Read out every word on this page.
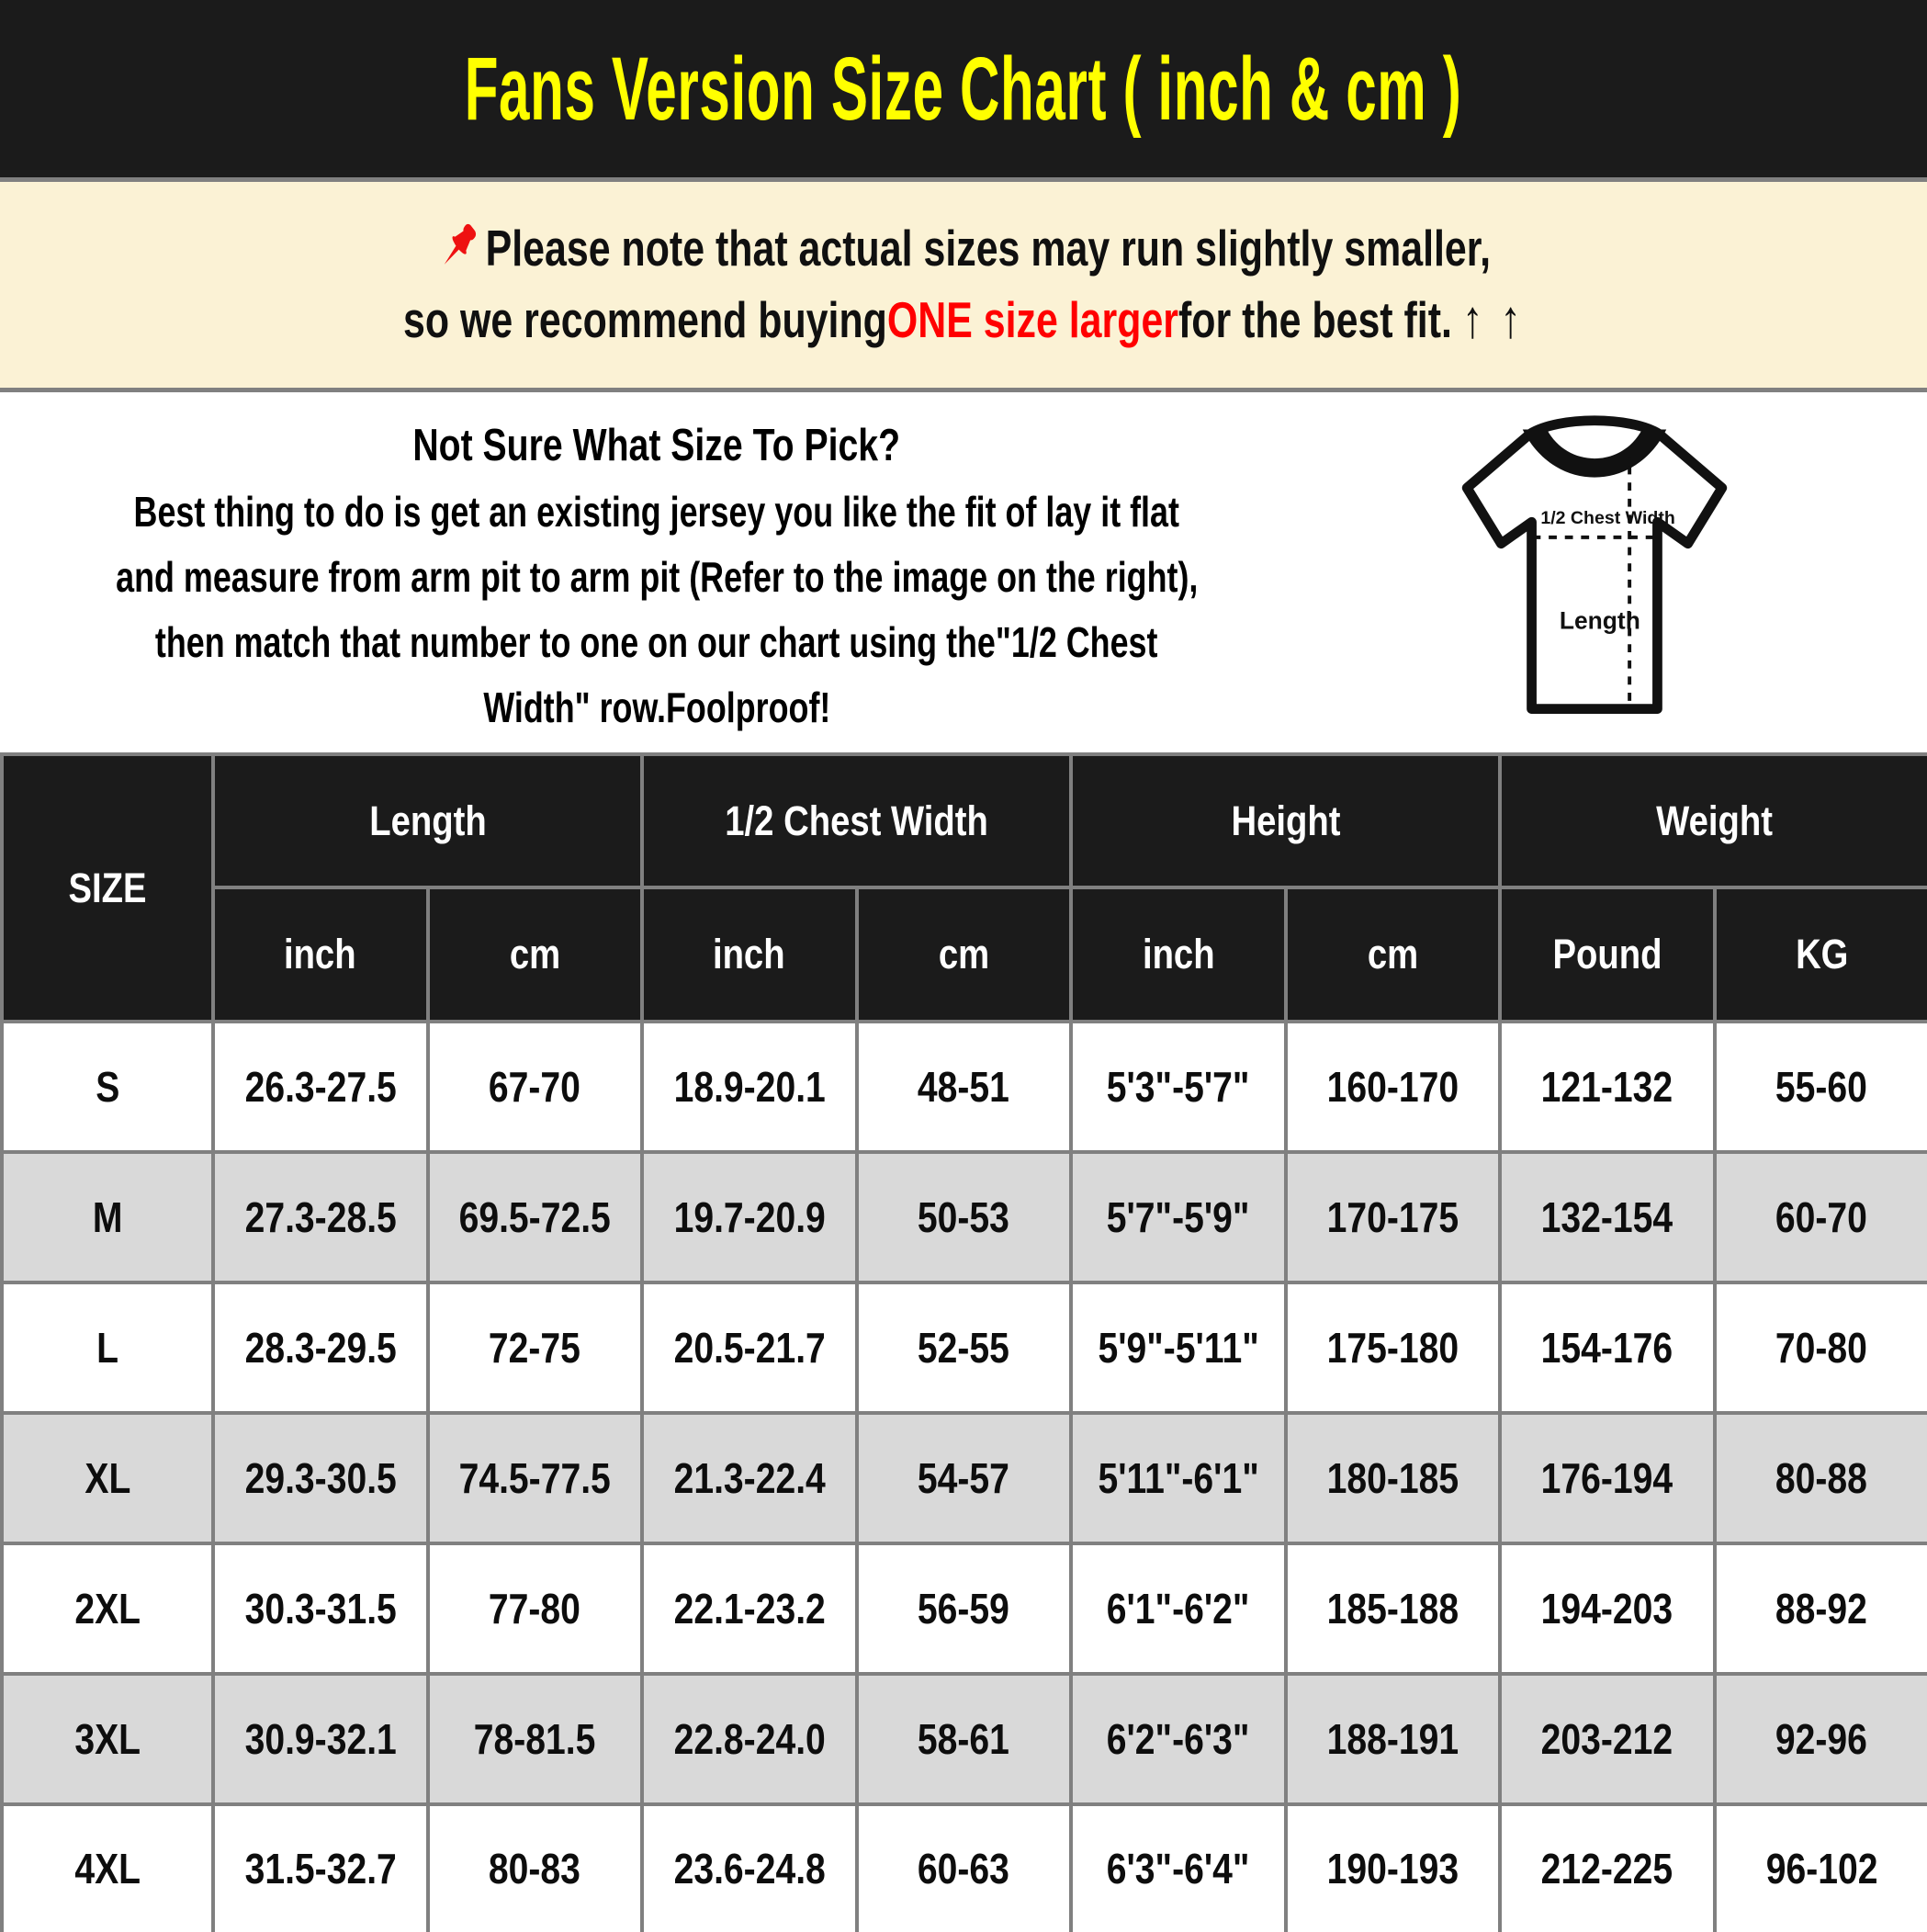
Fans Version Size Chart ( inch & cm )
Please note that actual sizes may run slightly smaller,
so we recommend buying ONE size larger for the best fit. ↑ ↑
Not Sure What Size To Pick?
Best thing to do is get an existing jersey you like the fit of lay it flat
and measure from arm pit to arm pit (Refer to the image on the right),
then match that number to one on our chart using the"1/2 Chest
Width" row.Foolproof!
1/2 Chest Width
Length
SIZE	Length		1/2 Chest Width		Height		Weight	
	inch	cm	inch	cm	inch	cm	Pound	KG
S	26.3-27.5	67-70	18.9-20.1	48-51	5'3"-5'7"	160-170	121-132	55-60
M	27.3-28.5	69.5-72.5	19.7-20.9	50-53	5'7"-5'9"	170-175	132-154	60-70
L	28.3-29.5	72-75	20.5-21.7	52-55	5'9"-5'11"	175-180	154-176	70-80
XL	29.3-30.5	74.5-77.5	21.3-22.4	54-57	5'11"-6'1"	180-185	176-194	80-88
2XL	30.3-31.5	77-80	22.1-23.2	56-59	6'1"-6'2"	185-188	194-203	88-92
3XL	30.9-32.1	78-81.5	22.8-24.0	58-61	6'2"-6'3"	188-191	203-212	92-96
4XL	31.5-32.7	80-83	23.6-24.8	60-63	6'3"-6'4"	190-193	212-225	96-102
